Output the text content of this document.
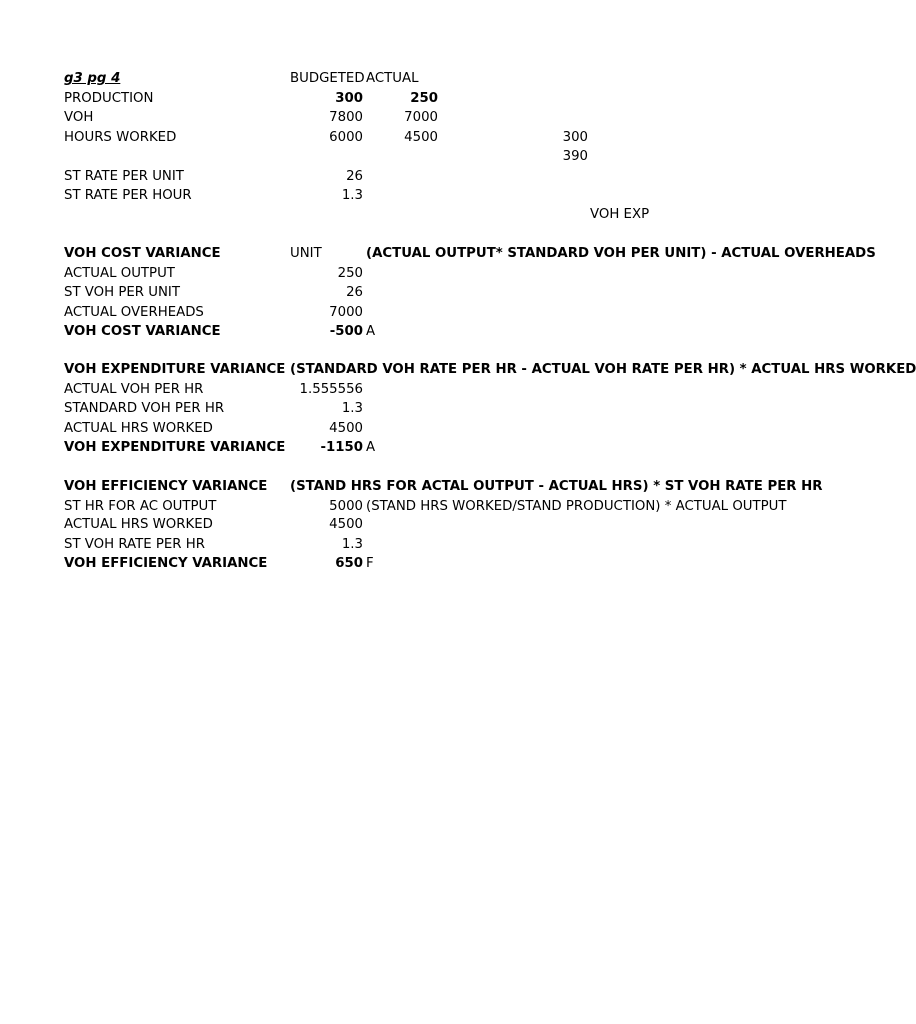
g3 pg 4	BUDGETED ACTUAL
PRODUCTION	300	250
VOH	7800	7000
HOURS WORKED	6000	4500	300
390
ST RATE PER UNIT	26
ST RATE PER HOUR	1.3
VOH EXP
VOH COST VARIANCE	UNIT	(ACTUAL OUTPUT* STANDARD VOH PER UNIT) - ACTUAL OVERHEADS
ACTUAL OUTPUT	250
ST VOH PER UNIT	26
ACTUAL OVERHEADS	7000
VOH COST VARIANCE	-500 A
VOH EXPENDITURE VARIANCE (STANDARD VOH RATE PER HR - ACTUAL VOH RATE PER HR) * ACTUAL HRS WORKED
ACTUAL VOH PER HR	1.555556
STANDARD VOH PER HR	1.3
ACTUAL HRS WORKED	4500
VOH EXPENDITURE VARIANCE	-1150 A
VOH EFFICIENCY VARIANCE	(STAND HRS FOR ACTAL OUTPUT - ACTUAL HRS) * ST VOH RATE PER HR
ST HR FOR AC OUTPUT	5000 (STAND HRS WORKED/STAND PRODUCTION) * ACTUAL OUTPUT
ACTUAL HRS WORKED	4500
ST VOH RATE PER HR	1.3
VOH EFFICIENCY VARIANCE	650 F
